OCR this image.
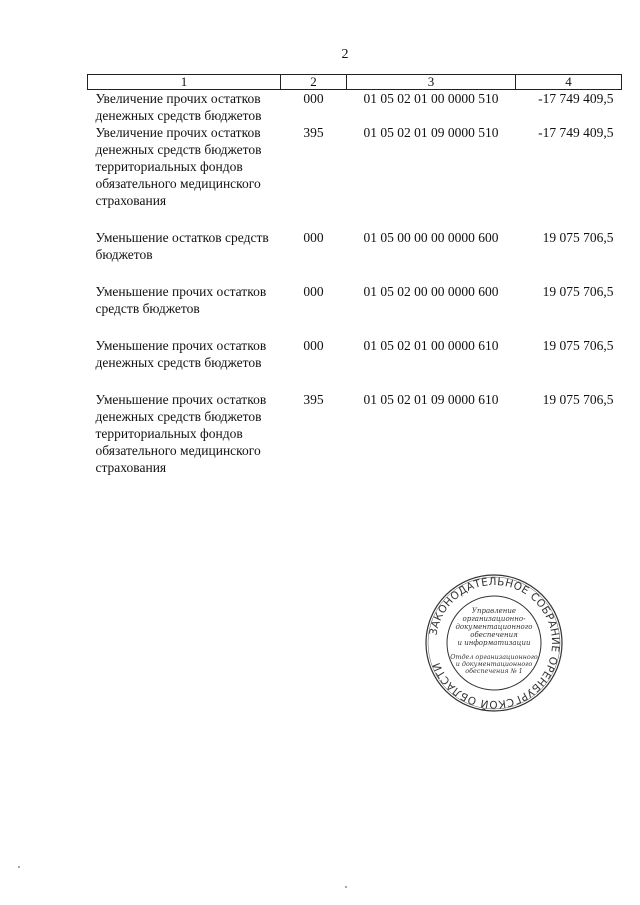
2
1	2	3	4
Увеличение прочих остатков денежных средств бюджетов	000	01 05 02 01 00 0000 510	-17 749 409,5
Увеличение прочих остатков денежных средств бюджетов территориальных фондов обязательного медицинского страхования	395	01 05 02 01 09 0000 510	-17 749 409,5

Уменьшение остатков средств бюджетов	000	01 05 00 00 00 0000 600	19 075 706,5

Уменьшение прочих остатков средств бюджетов	000	01 05 02 00 00 0000 600	19 075 706,5

Уменьшение прочих остатков денежных средств бюджетов	000	01 05 02 01 00 0000 610	19 075 706,5

Уменьшение прочих остатков денежных средств бюджетов территориальных фондов обязательного медицинского страхования	395	01 05 02 01 09 0000 610	19 075 706,5
ЗАКОНОДАТЕЛЬНОЕ СОБРАНИЕ ОРЕНБУРГСКОЙ ОБЛАСТИ
Управление
организационно-
документационного
обеспечения
и информатизации
Отдел организационного
и документационного
обеспечения № 1
